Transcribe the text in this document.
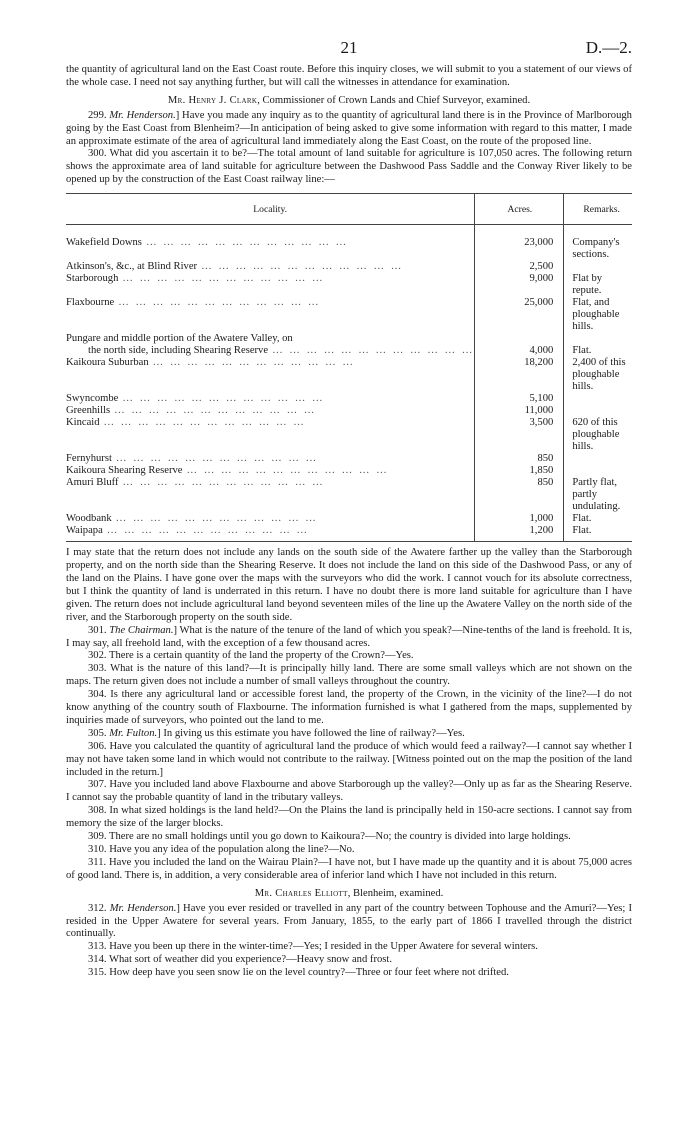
21	D.—2.

the quantity of agricultural land on the East Coast route. Before this inquiry closes, we will submit to you a statement of our views of the whole case. I need not say anything further, but will call the witnesses in attendance for examination.

Mr. Henry J. Clark, Commissioner of Crown Lands and Chief Surveyor, examined.

299. Mr. Henderson.] Have you made any inquiry as to the quantity of agricultural land there is in the Province of Marlborough going by the East Coast from Blenheim?—In anticipation of being asked to give some information with regard to this matter, I made an approximate estimate of the area of agricultural land immediately along the East Coast, on the route of the proposed line.

300. What did you ascertain it to be?—The total amount of land suitable for agriculture is 107,050 acres. The following return shows the approximate area of land suitable for agriculture between the Dashwood Pass Saddle and the Conway River likely to be opened up by the construction of the East Coast railway line:—

Locality.	Acres.	Remarks.

Wakefield Downs
… … … … … … … … … … … …	23,000	Company's sections.

Atkinson's, &c., at Blind River
… … … … … … … … … … … …	2,500	

Starborough
… … … … … … … … … … … …	9,000	Flat by repute.

Flaxbourne
… … … … … … … … … … … …	25,000	Flat, and ploughable hills.

Pungare and middle portion of the Awatere Valley, on		

the north side, including Shearing Reserve
… … … … … … … … … … … …	4,000	Flat.

Kaikoura Suburban
… … … … … … … … … … … …	18,200	2,400 of this ploughable hills.

Swyncombe
… … … … … … … … … … … …	5,100	

Greenhills
… … … … … … … … … … … …	11,000	

Kincaid
… … … … … … … … … … … …	3,500	620 of this ploughable hills.

Fernyhurst
… … … … … … … … … … … …	850	

Kaikoura Shearing Reserve
… … … … … … … … … … … …	1,850	

Amuri Bluff
… … … … … … … … … … … …	850	Partly flat, partly undulating.

Woodbank
… … … … … … … … … … … …	1,000	Flat.

Waipapa
… … … … … … … … … … … …	1,200	Flat.

I may state that the return does not include any lands on the south side of the Awatere farther up the valley than the Starborough property, and on the north side than the Shearing Reserve. It does not include the land on this side of the Dashwood Pass, or any of the land on the Plains. I have gone over the maps with the surveyors who did the work. I cannot vouch for its absolute correctness, but I think the quantity of land is underrated in this return. I have no doubt there is more land suitable for agriculture than I have given. The return does not include agricultural land beyond seventeen miles of the line up the Awatere Valley on the north side of the river, and the Starborough property on the south side.

301. The Chairman.] What is the nature of the tenure of the land of which you speak?—Nine-tenths of the land is freehold. It is, I may say, all freehold land, with the exception of a few thousand acres.

302. There is a certain quantity of the land the property of the Crown?—Yes.

303. What is the nature of this land?—It is principally hilly land. There are some small valleys which are not shown on the maps. The return given does not include a number of small valleys throughout the country.

304. Is there any agricultural land or accessible forest land, the property of the Crown, in the vicinity of the line?—I do not know anything of the country south of Flaxbourne. The information furnished is what I gathered from the maps, supplemented by inquiries made of surveyors, who pointed out the land to me.

305. Mr. Fulton.] In giving us this estimate you have followed the line of railway?—Yes.

306. Have you calculated the quantity of agricultural land the produce of which would feed a railway?—I cannot say whether I may not have taken some land in which would not contribute to the railway. [Witness pointed out on the map the position of the land included in the return.]

307. Have you included land above Flaxbourne and above Starborough up the valley?—Only up as far as the Shearing Reserve. I cannot say the probable quantity of land in the tributary valleys.

308. In what sized holdings is the land held?—On the Plains the land is principally held in 150-acre sections. I cannot say from memory the size of the larger blocks.

309. There are no small holdings until you go down to Kaikoura?—No; the country is divided into large holdings.

310. Have you any idea of the population along the line?—No.

311. Have you included the land on the Wairau Plain?—I have not, but I have made up the quantity and it is about 75,000 acres of good land. There is, in addition, a very considerable area of inferior land which I have not included in this return.

Mr. Charles Elliott, Blenheim, examined.

312. Mr. Henderson.] Have you ever resided or travelled in any part of the country between Tophouse and the Amuri?—Yes; I resided in the Upper Awatere for several years. From January, 1855, to the early part of 1866 I travelled through the district continually.

313. Have you been up there in the winter-time?—Yes; I resided in the Upper Awatere for several winters.

314. What sort of weather did you experience?—Heavy snow and frost.

315. How deep have you seen snow lie on the level country?—Three or four feet where not drifted.
